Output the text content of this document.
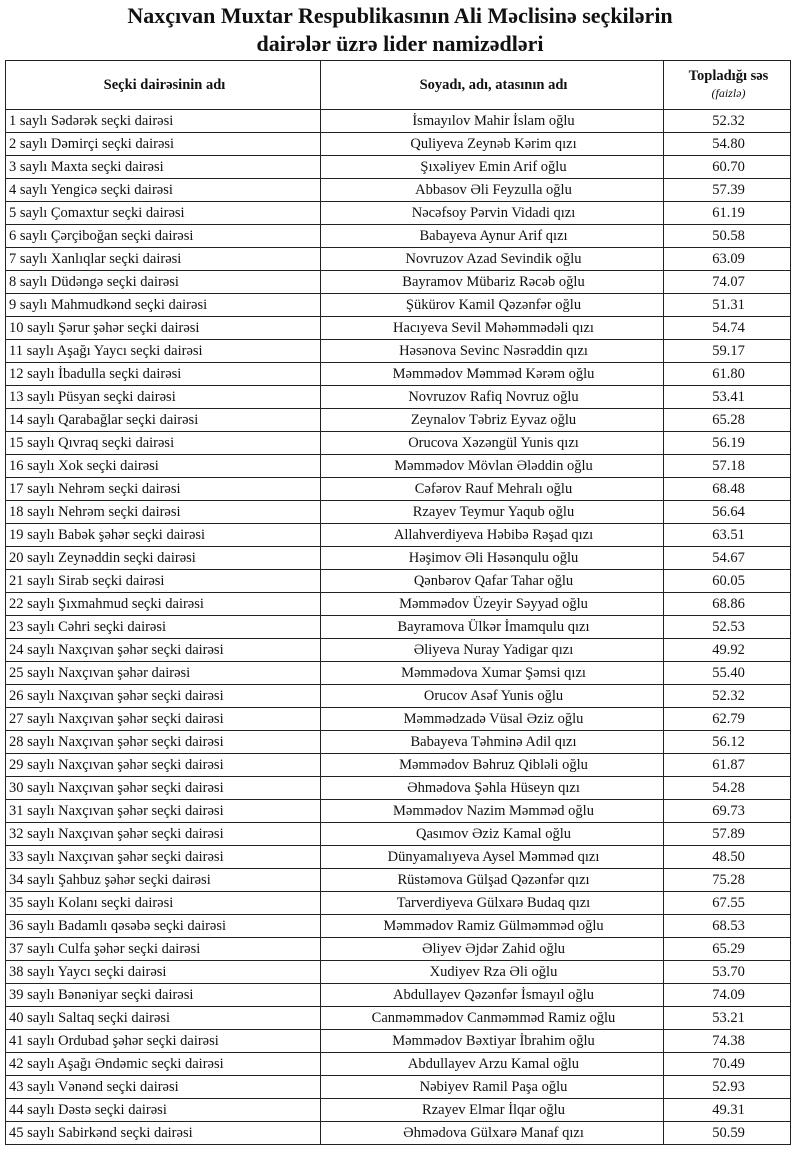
Naxçıvan Muxtar Respublikasının Ali Məclisinə seçkilərin
dairələr üzrə lider namizədləri
Seçki dairəsinin adı	Soyadı, adı, atasının adı	Topladığı səs
(faizlə)

1 saylı Sədərək seçki dairəsi	İsmayılov Mahir İslam oğlu	52.32
2 saylı Dəmirçi seçki dairəsi	Quliyeva Zeynəb Kərim qızı	54.80
3 saylı Maxta seçki dairəsi	Şıxəliyev Emin Arif oğlu	60.70
4 saylı Yengicə seçki dairəsi	Abbasov Əli Feyzulla oğlu	57.39
5 saylı Çomaxtur seçki dairəsi	Nəcəfsoy Pərvin Vidadi qızı	61.19
6 saylı Çərçiboğan seçki dairəsi	Babayeva Aynur Arif qızı	50.58
7 saylı Xanlıqlar seçki dairəsi	Novruzov Azad Sevindik oğlu	63.09
8 saylı Düdəngə seçki dairəsi	Bayramov Mübariz Rəcəb oğlu	74.07
9 saylı Mahmudkənd seçki dairəsi	Şükürov Kamil Qəzənfər oğlu	51.31
10 saylı Şərur şəhər seçki dairəsi	Hacıyeva Sevil Məhəmmədəli qızı	54.74
11 saylı Aşağı Yaycı seçki dairəsi	Həsənova Sevinc Nəsrəddin qızı	59.17
12 saylı İbadulla seçki dairəsi	Məmmədov Məmməd Kərəm oğlu	61.80
13 saylı Püsyan seçki dairəsi	Novruzov Rafiq Novruz oğlu	53.41
14 saylı Qarabağlar seçki dairəsi	Zeynalov Təbriz Eyvaz oğlu	65.28
15 saylı Qıvraq seçki dairəsi	Orucova Xəzəngül Yunis qızı	56.19
16 saylı Xok seçki dairəsi	Məmmədov Mövlan Ələddin oğlu	57.18
17 saylı Nehrəm seçki dairəsi	Cəfərov Rauf Mehralı oğlu	68.48
18 saylı Nehrəm seçki dairəsi	Rzayev Teymur Yaqub oğlu	56.64
19 saylı Babək şəhər seçki dairəsi	Allahverdiyeva Həbibə Rəşad qızı	63.51
20 saylı Zeynəddin seçki dairəsi	Həşimov Əli Həsənqulu oğlu	54.67
21 saylı Sirab seçki dairəsi	Qənbərov Qafar Tahar oğlu	60.05
22 saylı Şıxmahmud seçki dairəsi	Məmmədov Üzeyir Səyyad oğlu	68.86
23 saylı Cəhri seçki dairəsi	Bayramova Ülkər İmamqulu qızı	52.53
24 saylı Naxçıvan şəhər seçki dairəsi	Əliyeva Nuray Yadigar qızı	49.92
25 saylı Naxçıvan şəhər dairəsi	Məmmədova Xumar Şəmsi qızı	55.40
26 saylı Naxçıvan şəhər seçki dairəsi	Orucov Asəf Yunis oğlu	52.32
27 saylı Naxçıvan şəhər seçki dairəsi	Məmmədzadə Vüsal Əziz oğlu	62.79
28 saylı Naxçıvan şəhər seçki dairəsi	Babayeva Təhminə Adil qızı	56.12
29 saylı Naxçıvan şəhər seçki dairəsi	Məmmədov Bəhruz Qibləli oğlu	61.87
30 saylı Naxçıvan şəhər seçki dairəsi	Əhmədova Şəhla Hüseyn qızı	54.28
31 saylı Naxçıvan şəhər seçki dairəsi	Məmmədov Nazim Məmməd oğlu	69.73
32 saylı Naxçıvan şəhər seçki dairəsi	Qasımov Əziz Kamal oğlu	57.89
33 saylı Naxçıvan şəhər seçki dairəsi	Dünyamalıyeva Aysel Məmməd qızı	48.50
34 saylı Şahbuz şəhər seçki dairəsi	Rüstəmova Gülşad Qəzənfər qızı	75.28
35 saylı Kolanı seçki dairəsi	Tarverdiyeva Gülxarə Budaq qızı	67.55
36 saylı Badamlı qəsəbə seçki dairəsi	Məmmədov Ramiz Gülməmməd oğlu	68.53
37 saylı Culfa şəhər seçki dairəsi	Əliyev Əjdər Zahid oğlu	65.29
38 saylı Yaycı seçki dairəsi	Xudiyev Rza Əli oğlu	53.70
39 saylı Bənəniyar seçki dairəsi	Abdullayev Qəzənfər İsmayıl oğlu	74.09
40 saylı Saltaq seçki dairəsi	Canməmmədov Canməmməd Ramiz oğlu	53.21
41 saylı Ordubad şəhər seçki dairəsi	Məmmədov Bəxtiyar İbrahim oğlu	74.38
42 saylı Aşağı Əndəmic seçki dairəsi	Abdullayev Arzu Kamal oğlu	70.49
43 saylı Vənənd seçki dairəsi	Nəbiyev Ramil Paşa oğlu	52.93
44 saylı Dəstə seçki dairəsi	Rzayev Elmar İlqar oğlu	49.31
45 saylı Sabirkənd seçki dairəsi	Əhmədova Gülxarə Manaf qızı	50.59
